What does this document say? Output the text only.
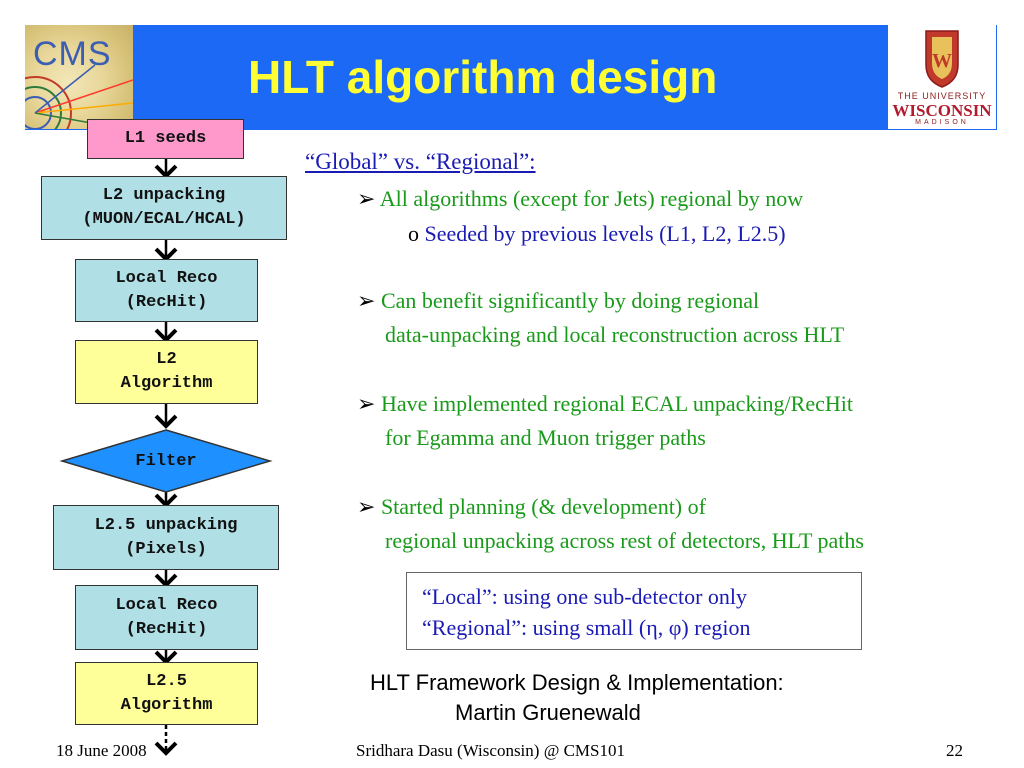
CMS	HLT algorithm design	W
THE UNIVERSITY
WISCONSIN
MADISON
L1 seeds
L2 unpacking
(MUON/ECAL/HCAL)
Local Reco
(RecHit)
L2
Algorithm
Filter
L2.5 unpacking
(Pixels)
Local Reco
(RecHit)
L2.5
Algorithm
“Global” vs. “Regional”:
➢ All algorithms (except for Jets) regional by now
o Seeded by previous levels (L1, L2, L2.5)
➢ Can benefit significantly by doing regional
data-unpacking and local reconstruction across HLT
➢ Have implemented regional ECAL unpacking/RecHit
for Egamma and Muon trigger paths
➢ Started planning (& development) of
regional unpacking across rest of detectors, HLT paths
“Local”: using one sub-detector only
“Regional”: using small (η, φ) region
HLT Framework Design & Implementation:
Martin Gruenewald
18 June 2008	Sridhara Dasu (Wisconsin) @ CMS101	22
